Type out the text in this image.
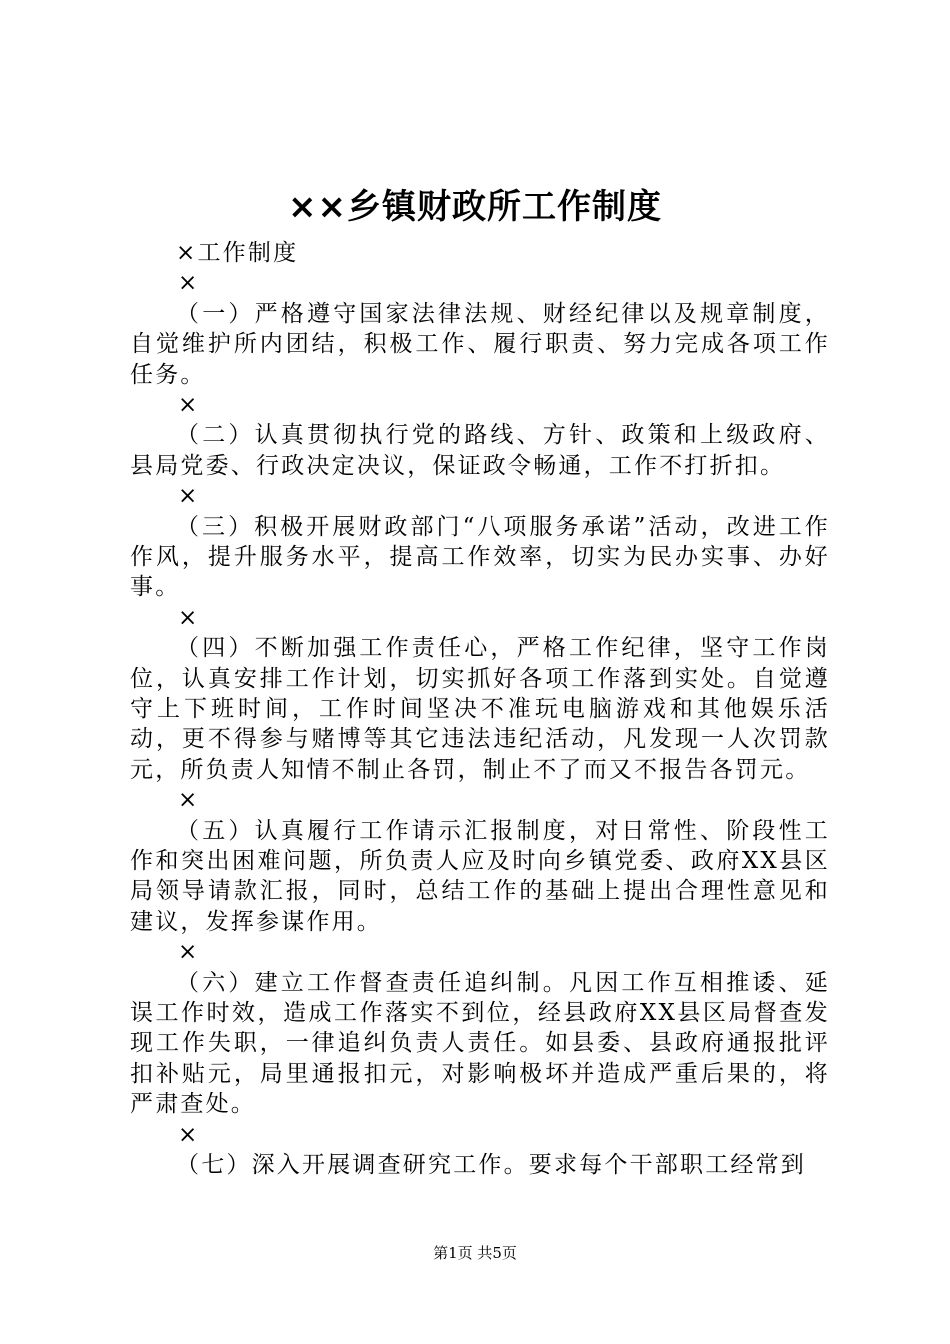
××乡镇财政所工作制度

×工作制度

×

（一）严格遵守国家法律法规、财经纪律以及规章制度，自觉维护所内团结，积极工作、履行职责、努力完成各项工作任务。

×

（二）认真贯彻执行党的路线、方针、政策和上级政府、县局党委、行政决定决议，保证政令畅通，工作不打折扣。

×

（三）积极开展财政部门“八项服务承诺”活动，改进工作作风，提升服务水平，提高工作效率，切实为民办实事、办好事。

×

（四）不断加强工作责任心，严格工作纪律，坚守工作岗位，认真安排工作计划，切实抓好各项工作落到实处。自觉遵守上下班时间，工作时间坚决不准玩电脑游戏和其他娱乐活动，更不得参与赌博等其它违法违纪活动，凡发现一人次罚款元，所负责人知情不制止各罚，制止不了而又不报告各罚元。

×

（五）认真履行工作请示汇报制度，对日常性、阶段性工作和突出困难问题，所负责人应及时向乡镇党委、政府XX县区局领导请款汇报，同时，总结工作的基础上提出合理性意见和建议，发挥参谋作用。

×

（六）建立工作督查责任追纠制。凡因工作互相推诿、延误工作时效，造成工作落实不到位，经县政府XX县区局督查发现工作失职，一律追纠负责人责任。如县委、县政府通报批评扣补贴元，局里通报扣元，对影响极坏并造成严重后果的，将严肃查处。

×

（七）深入开展调查研究工作。要求每个干部职工经常到

第1页 共5页
